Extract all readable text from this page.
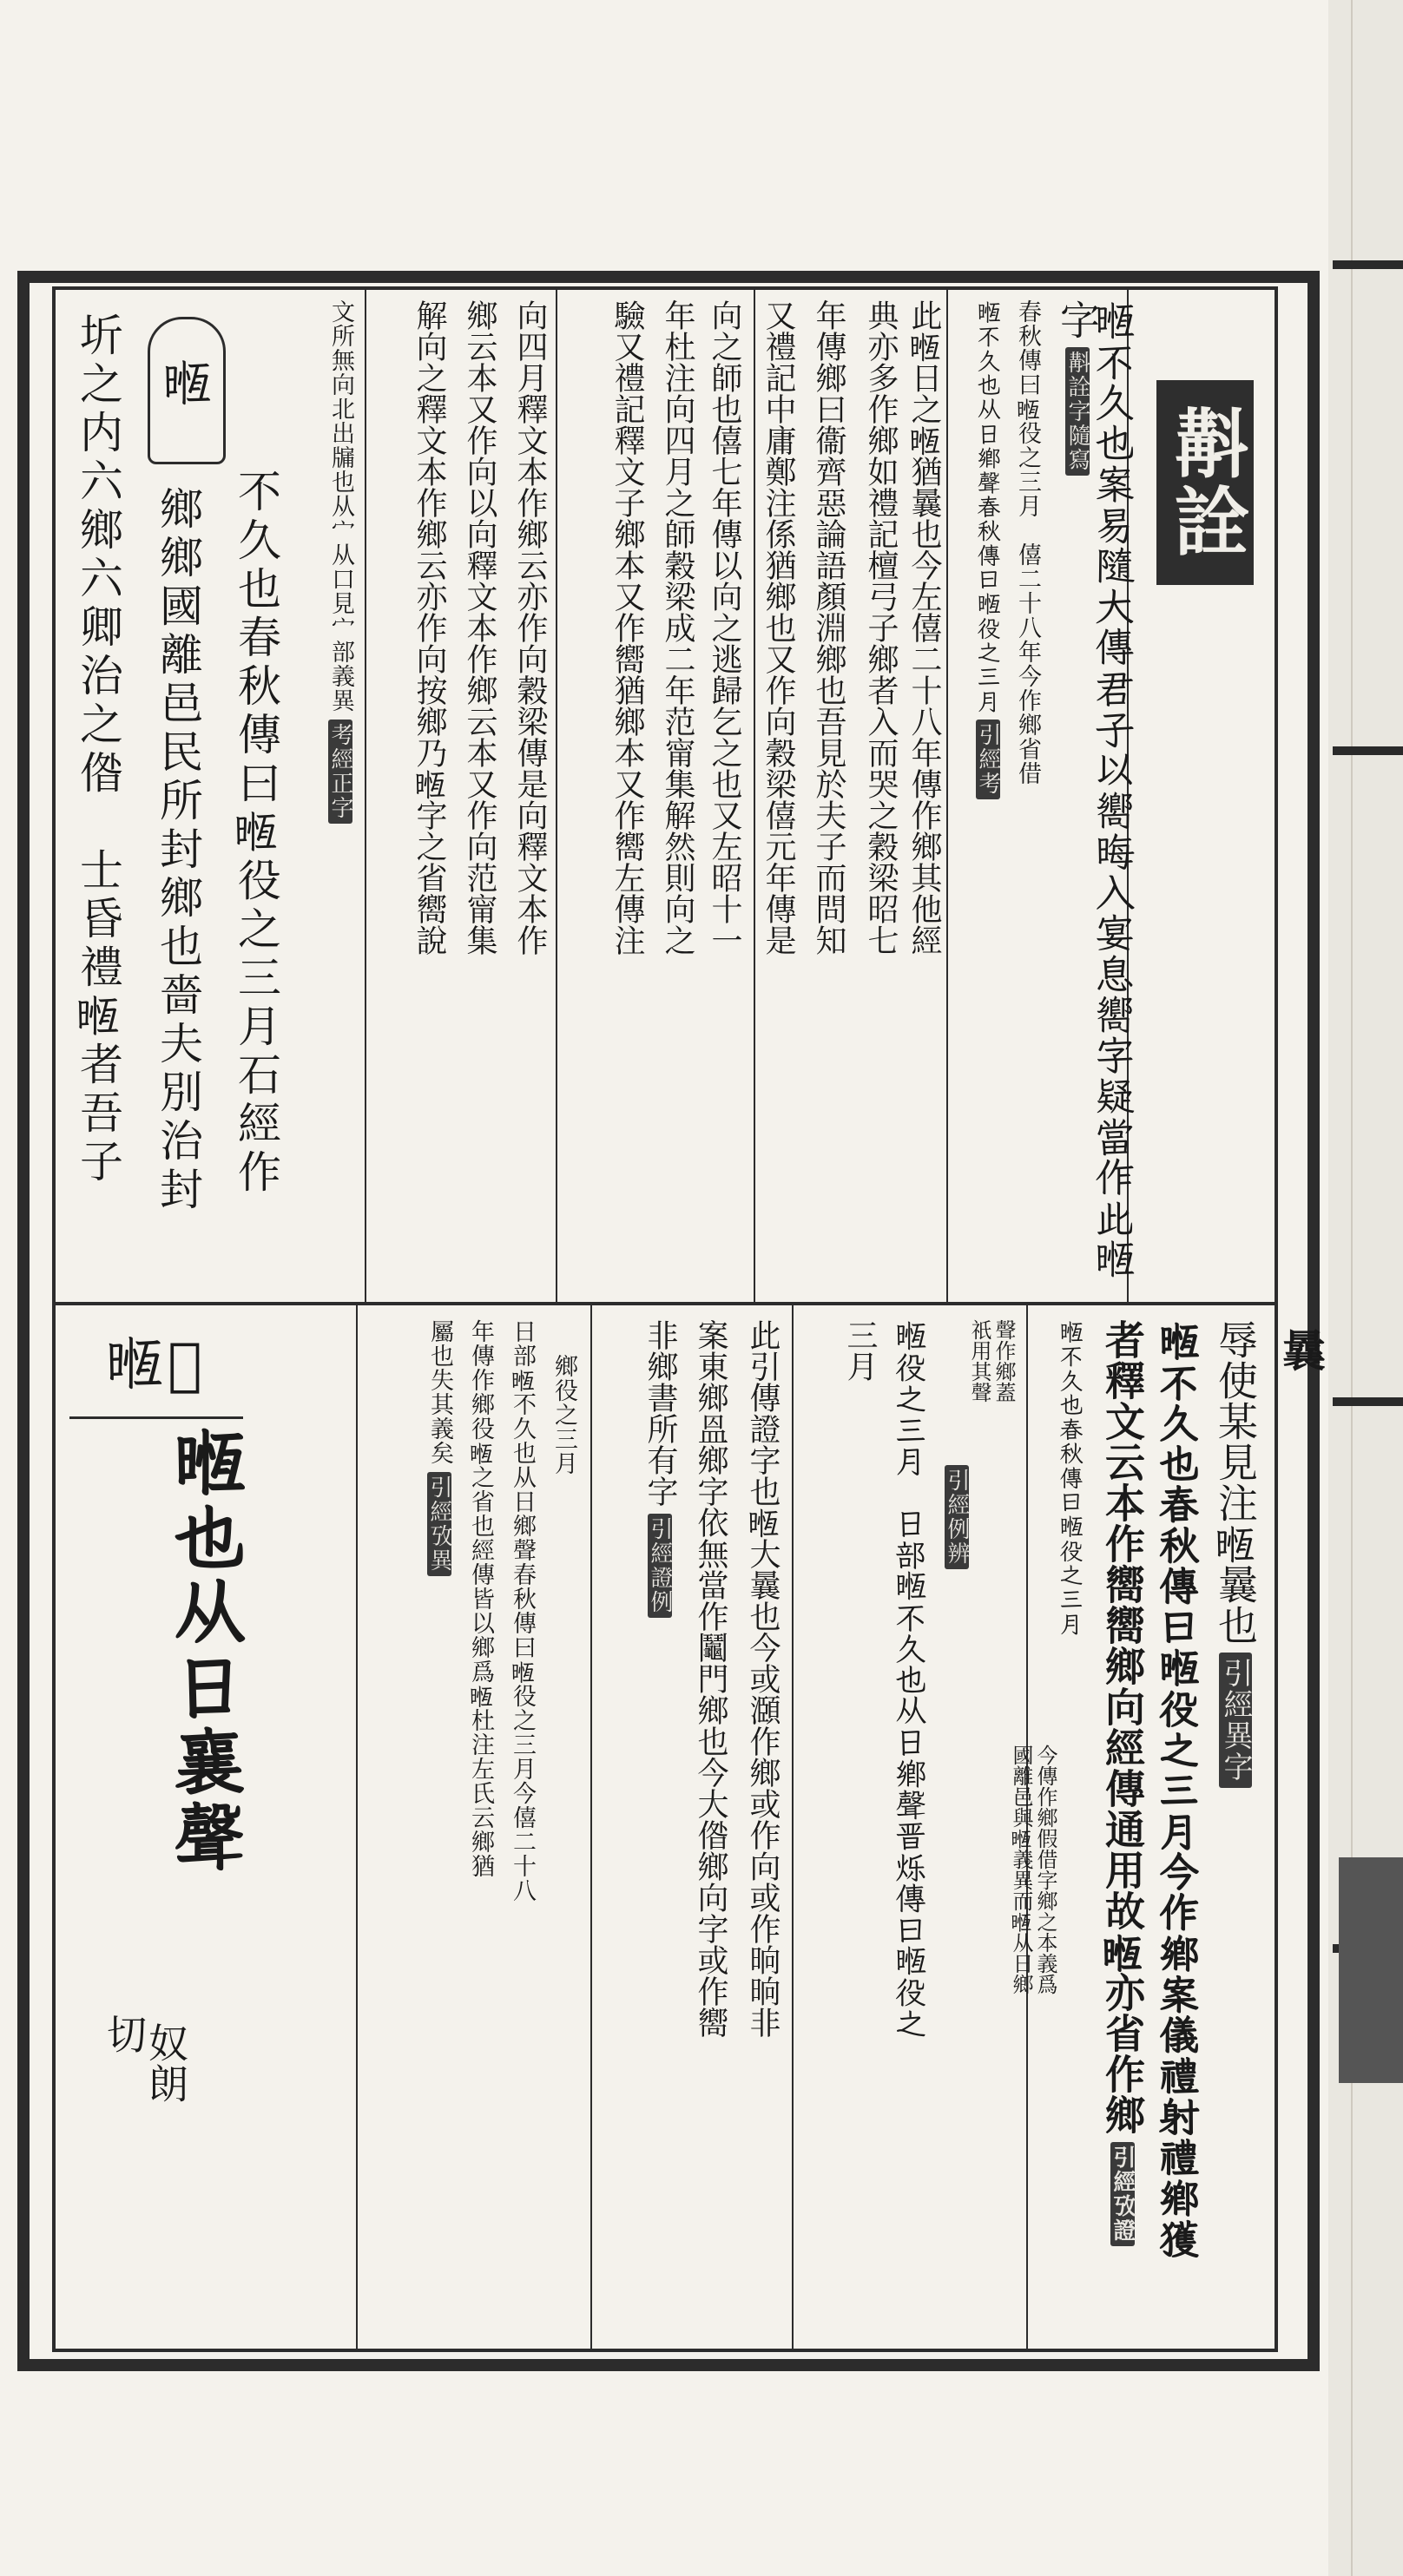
曩
斠詮
𣈶不久也案易隨大傳君子以嚮晦入宴息嚮字疑當作此𣈶
字斠詮字隨寫
春秋傳曰𣈶役之三月　僖二十八年今作鄉省借
𣈶不久也从日鄉聲春秋傳曰𣈶役之三月引經考
此𣈶日之𣈶猶曩也今左僖二十八年傳作鄉其他經
典亦多作鄉如禮記檀弓子鄉者入而哭之穀梁昭七
年傳鄉曰衞齊惡論語顏淵鄉也吾見於夫子而問知
又禮記中庸鄭注係猶鄉也又作向穀梁僖元年傳是
向之師也僖七年傳以向之逃歸乞之也又左昭十一
年杜注向四月之師穀梁成二年范甯集解然則向之
驗又禮記釋文子鄉本又作嚮猶鄉本又作嚮左傳注
向四月釋文本作鄉云亦作向穀梁傳是向釋文本作
鄉云本又作向以向釋文本作鄉云本又作向范甯集
解向之釋文本作鄉云亦作向按鄉乃𣈶字之省嚮說
文所無向北出牖也从宀从口見宀部義異考經正字
𣈶
不久也春秋傳曰𣈶役之三月石經作
鄉鄉國離邑民所封鄉也嗇夫別治封
圻之内六鄉六卿治之偺　士昏禮𣈶者吾子
辱使某見注𣈶曩也引經異字
𣈶不久也春秋傳曰𣈶役之三月今作鄉案儀禮射禮鄉獲
者釋文云本作嚮嚮鄉向經傳通用故𣈶亦省作鄉引經攷證
𣈶不久也春秋傳曰𣈶役之三月
今傳作鄉假借字鄉之本義爲
國離邑與𣈶義異而𣈶从日鄉
聲作鄉蓋
祇用其聲
引經例辨
𣈶役之三月　日部𣈶不久也从日鄉聲晋烁傳曰𣈶役之
三月
此引傳證字也𣈶大曩也今或㶊作鄉或作向或作晌晌非
案東鄉𥁕鄉字依無當作鬮門鄉也今大偺鄉向字或作嚮
非鄉書所有字引經證例
鄉役之三月
日部𣈶不久也从日鄉聲春秋傳曰𣈶役之三月今僖二十八
年傳作鄉役𣈶之省也經傳皆以鄉爲𣈶杜注左氏云鄉猶
屬也失其義矣引經攷異
𣈶𦾕
𣈶也从日襄聲
奴朗
切
